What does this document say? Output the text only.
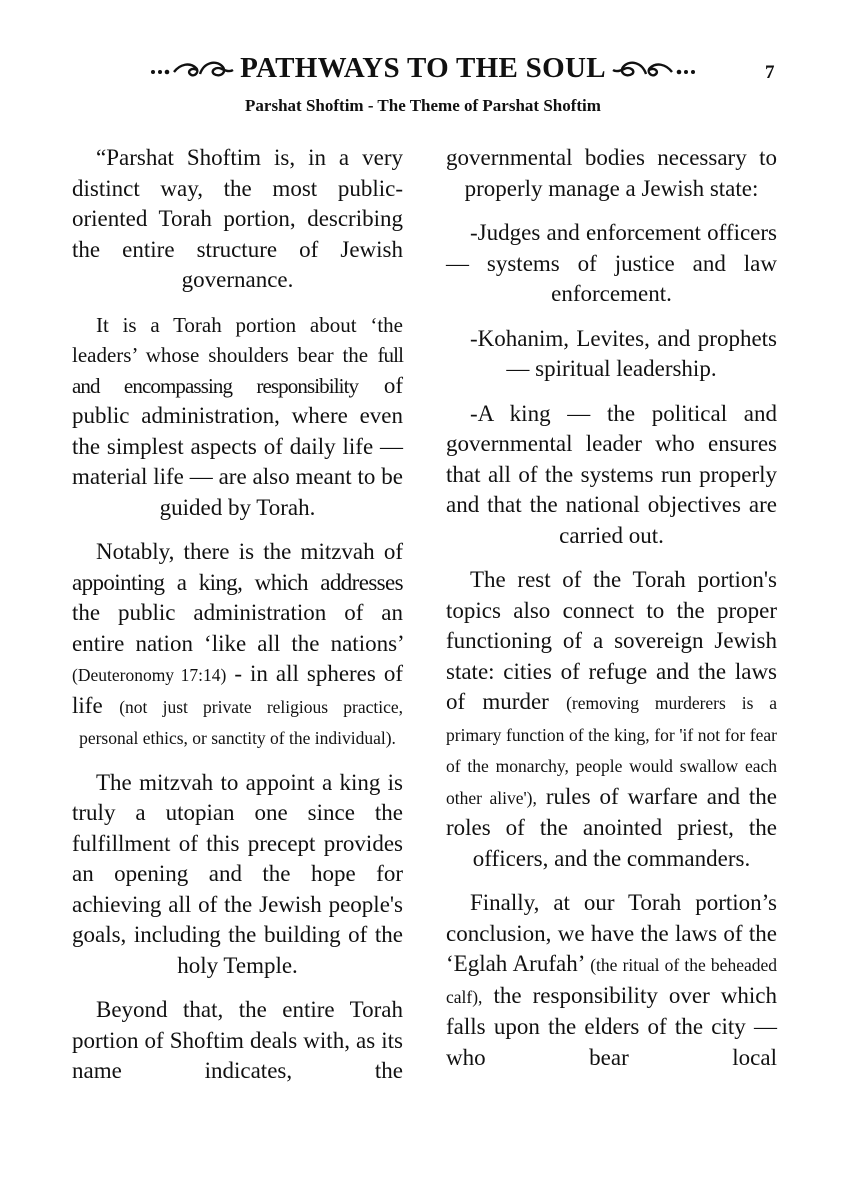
PATHWAYS TO THE SOUL	7
Parshat Shoftim - The Theme of Parshat Shoftim

“Parshat Shoftim is, in a very distinct way, the most public-oriented Torah portion, describing the entire structure of Jewish governance.

It is a Torah portion about ‘the leaders’ whose shoulders bear the full and encompassing responsibility of public administration, where even the simplest aspects of daily life — material life — are also meant to be guided by Torah.

Notably, there is the mitzvah of appointing a king, which addresses the public administration of an entire nation ‘like all the nations’ (Deuteronomy 17:14) - in all spheres of life (not just private religious practice, personal ethics, or sanctity of the individual).

The mitzvah to appoint a king is truly a utopian one since the fulfillment of this precept provides an opening and the hope for achieving all of the Jewish people's goals, including the building of the holy Temple.

Beyond that, the entire Torah portion of Shoftim deals with, as its name indicates, the

governmental bodies necessary to properly manage a Jewish state:

-Judges and enforcement officers — systems of justice and law enforcement.

-Kohanim, Levites, and prophets — spiritual leadership.

-A king — the political and governmental leader who ensures that all of the systems run properly and that the national objectives are carried out.

The rest of the Torah portion's topics also connect to the proper functioning of a sovereign Jewish state: cities of refuge and the laws of murder (removing murderers is a primary function of the king, for 'if not for fear of the monarchy, people would swallow each other alive'), rules of warfare and the roles of the anointed priest, the officers, and the commanders.

Finally, at our Torah portion’s conclusion, we have the laws of the ‘Eglah Arufah’ (the ritual of the beheaded calf), the responsibility over which falls upon the elders of the city — who bear local
